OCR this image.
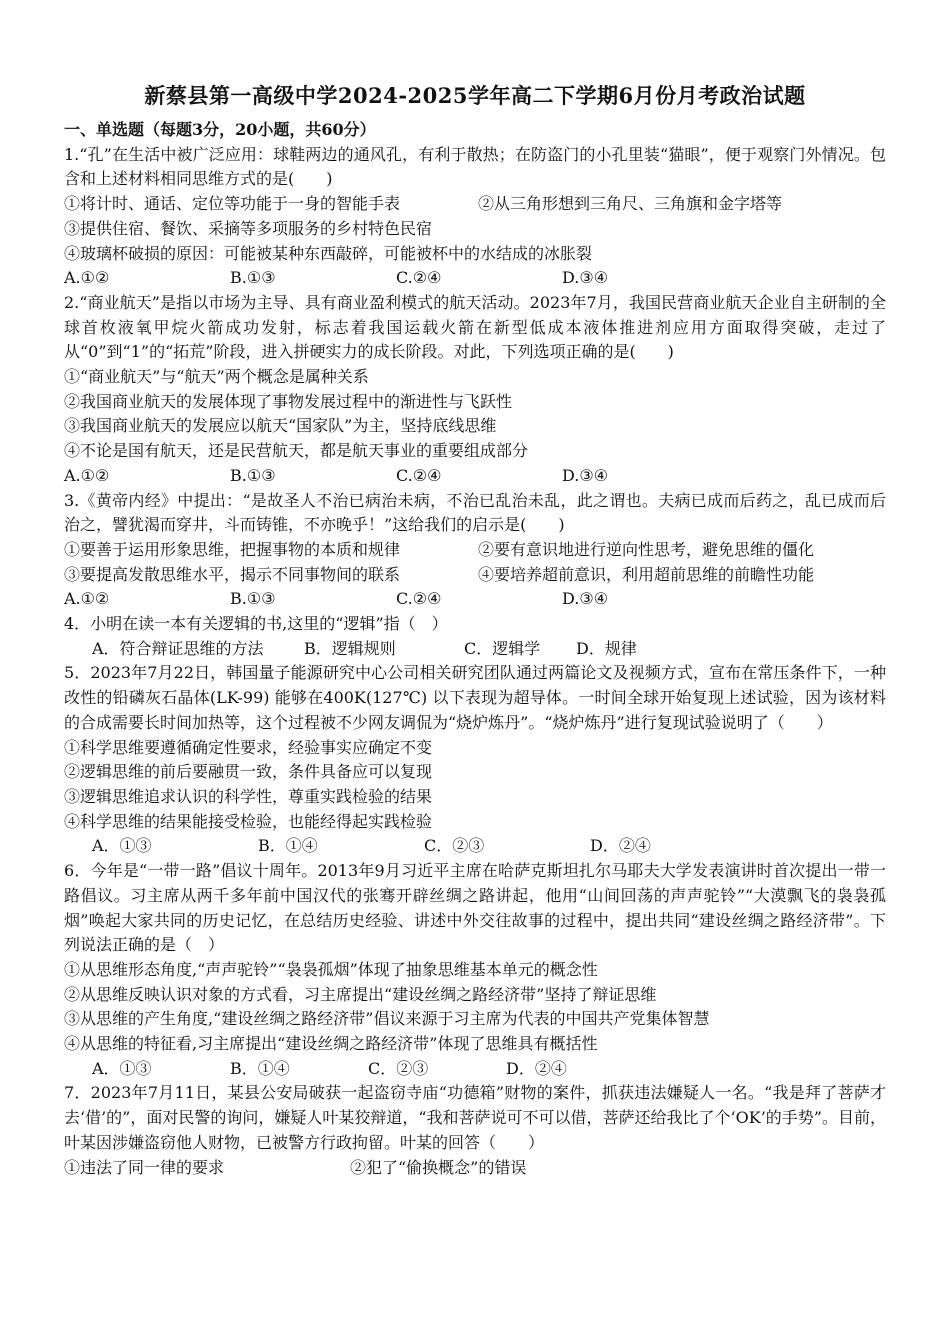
新蔡县第一高级中学2024-2025学年高二下学期6月份月考政治试题

一、单选题（每题3分，20小题，共60分）

1.“孔”在生活中被广泛应用：球鞋两边的通风孔，有利于散热；在防盗门的小孔里装“猫眼”，便于观察门外情况。包含和上述材料相同思维方式的是(　　)

①将计时、通话、定位等功能于一身的智能手表	②从三角形想到三角尺、三角旗和金字塔等

③提供住宿、餐饮、采摘等多项服务的乡村特色民宿

④玻璃杯破损的原因：可能被某种东西敲碎，可能被杯中的水结成的冰胀裂

A.①②	B.①③	C.②④	D.③④

2.“商业航天”是指以市场为主导、具有商业盈利模式的航天活动。2023年7月，我国民营商业航天企业自主研制的全球首枚液氧甲烷火箭成功发射，标志着我国运载火箭在新型低成本液体推进剂应用方面取得突破，走过了从“0”到“1”的“拓荒”阶段，进入拼硬实力的成长阶段。对此，下列选项正确的是(　　)

①“商业航天”与“航天”两个概念是属种关系

②我国商业航天的发展体现了事物发展过程中的渐进性与飞跃性

③我国商业航天的发展应以航天“国家队”为主，坚持底线思维

④不论是国有航天，还是民营航天，都是航天事业的重要组成部分

A.①②	B.①③	C.②④	D.③④

3.《黄帝内经》中提出：“是故圣人不治已病治未病，不治已乱治未乱，此之谓也。夫病已成而后药之，乱已成而后治之，譬犹渴而穿井，斗而铸锥，不亦晚乎！”这给我们的启示是(　　)

①要善于运用形象思维，把握事物的本质和规律	②要有意识地进行逆向性思考，避免思维的僵化
③要提高发散思维水平，揭示不同事物间的联系	④要培养超前意识，利用超前思维的前瞻性功能
A.①②	B.①③	C.②④	D.③④

4．小明在读一本有关逻辑的书,这里的“逻辑”指（　）

A．符合辩证思维的方法	B．逻辑规则	C．逻辑学	D．规律

5．2023年7月22日，韩国量子能源研究中心公司相关研究团队通过两篇论文及视频方式，宣布在常压条件下，一种改性的铅磷灰石晶体(LK-99) 能够在400K(127℃) 以下表现为超导体。一时间全球开始复现上述试验，因为该材料的合成需要长时间加热等，这个过程被不少网友调侃为“烧炉炼丹”。“烧炉炼丹”进行复现试验说明了（　　）

①科学思维要遵循确定性要求，经验事实应确定不变

②逻辑思维的前后要融贯一致，条件具备应可以复现

③逻辑思维追求认识的科学性，尊重实践检验的结果

④科学思维的结果能接受检验，也能经得起实践检验

A．①③	B．①④	C．②③	D．②④

6．今年是“一带一路”倡议十周年。2013年9月习近平主席在哈萨克斯坦扎尔马耶夫大学发表演讲时首次提出一带一路倡议。习主席从两千多年前中国汉代的张骞开辟丝绸之路讲起，他用“山间回荡的声声驼铃”“大漠飘飞的袅袅孤烟”唤起大家共同的历史记忆，在总结历史经验、讲述中外交往故事的过程中，提出共同“建设丝绸之路经济带”。下列说法正确的是（　）

①从思维形态角度,“声声驼铃”“袅袅孤烟”体现了抽象思维基本单元的概念性

②从思维反映认识对象的方式看，习主席提出“建设丝绸之路经济带”坚持了辩证思维

③从思维的产生角度,“建设丝绸之路经济带”倡议来源于习主席为代表的中国共产党集体智慧

④从思维的特征看,习主席提出“建设丝绸之路经济带”体现了思维具有概括性

A．①③	B．①④	C．②③	D．②④

7．2023年7月11日，某县公安局破获一起盗窃寺庙“功德箱”财物的案件，抓获违法嫌疑人一名。“我是拜了菩萨才去‘借’的”，面对民警的询问，嫌疑人叶某狡辩道，“我和菩萨说可不可以借，菩萨还给我比了个‘OK’的手势”。目前，叶某因涉嫌盗窃他人财物，已被警方行政拘留。叶某的回答（　　）

①违法了同一律的要求	②犯了“偷换概念”的错误
